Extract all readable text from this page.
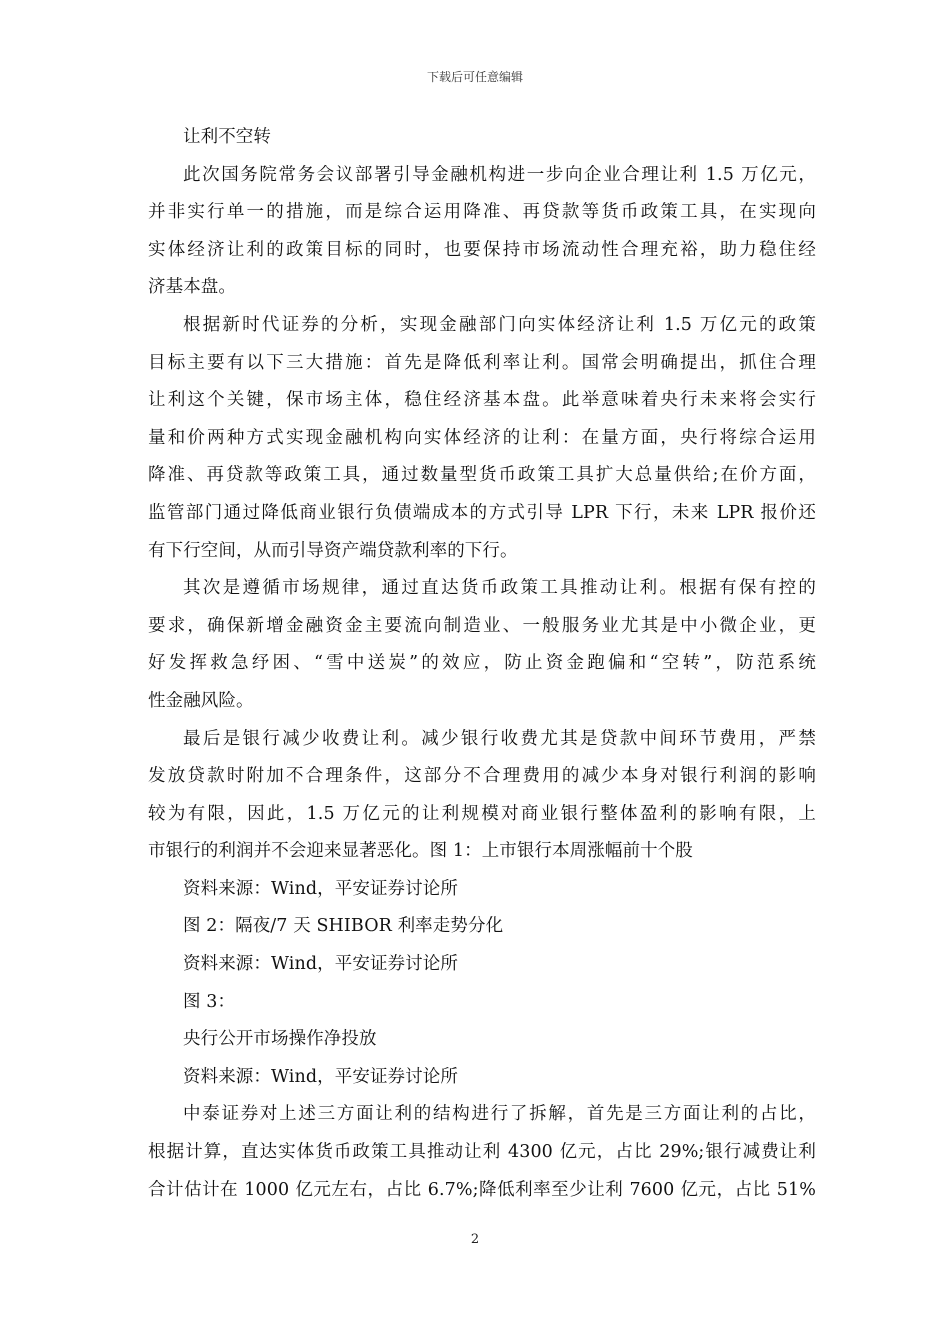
下载后可任意编辑
让利不空转
此次国务院常务会议部署引导金融机构进一步向企业合理让利 1.5 万亿元，
并非实行单一的措施，而是综合运用降准、再贷款等货币政策工具，在实现向
实体经济让利的政策目标的同时，也要保持市场流动性合理充裕，助力稳住经
济基本盘。
根据新时代证券的分析，实现金融部门向实体经济让利 1.5 万亿元的政策
目标主要有以下三大措施：首先是降低利率让利。国常会明确提出，抓住合理
让利这个关键，保市场主体，稳住经济基本盘。此举意味着央行未来将会实行
量和价两种方式实现金融机构向实体经济的让利：在量方面，央行将综合运用
降准、再贷款等政策工具，通过数量型货币政策工具扩大总量供给;在价方面，
监管部门通过降低商业银行负债端成本的方式引导 LPR 下行，未来 LPR 报价还
有下行空间，从而引导资产端贷款利率的下行。
其次是遵循市场规律，通过直达货币政策工具推动让利。根据有保有控的
要求，确保新增金融资金主要流向制造业、一般服务业尤其是中小微企业，更
好发挥救急纾困、“雪中送炭”的效应，防止资金跑偏和“空转”，防范系统
性金融风险。
最后是银行减少收费让利。减少银行收费尤其是贷款中间环节费用，严禁
发放贷款时附加不合理条件，这部分不合理费用的减少本身对银行利润的影响
较为有限，因此，1.5 万亿元的让利规模对商业银行整体盈利的影响有限，上
市银行的利润并不会迎来显著恶化。图 1：上市银行本周涨幅前十个股
资料来源：Wind，平安证券讨论所
图 2：隔夜/7 天 SHIBOR 利率走势分化
资料来源：Wind，平安证券讨论所
图 3：
央行公开市场操作净投放
资料来源：Wind，平安证券讨论所
中泰证券对上述三方面让利的结构进行了拆解，首先是三方面让利的占比，
根据计算，直达实体货币政策工具推动让利 4300 亿元，占比 29%;银行减费让利
合计估计在 1000 亿元左右，占比 6.7%;降低利率至少让利 7600 亿元，占比 51%
2
